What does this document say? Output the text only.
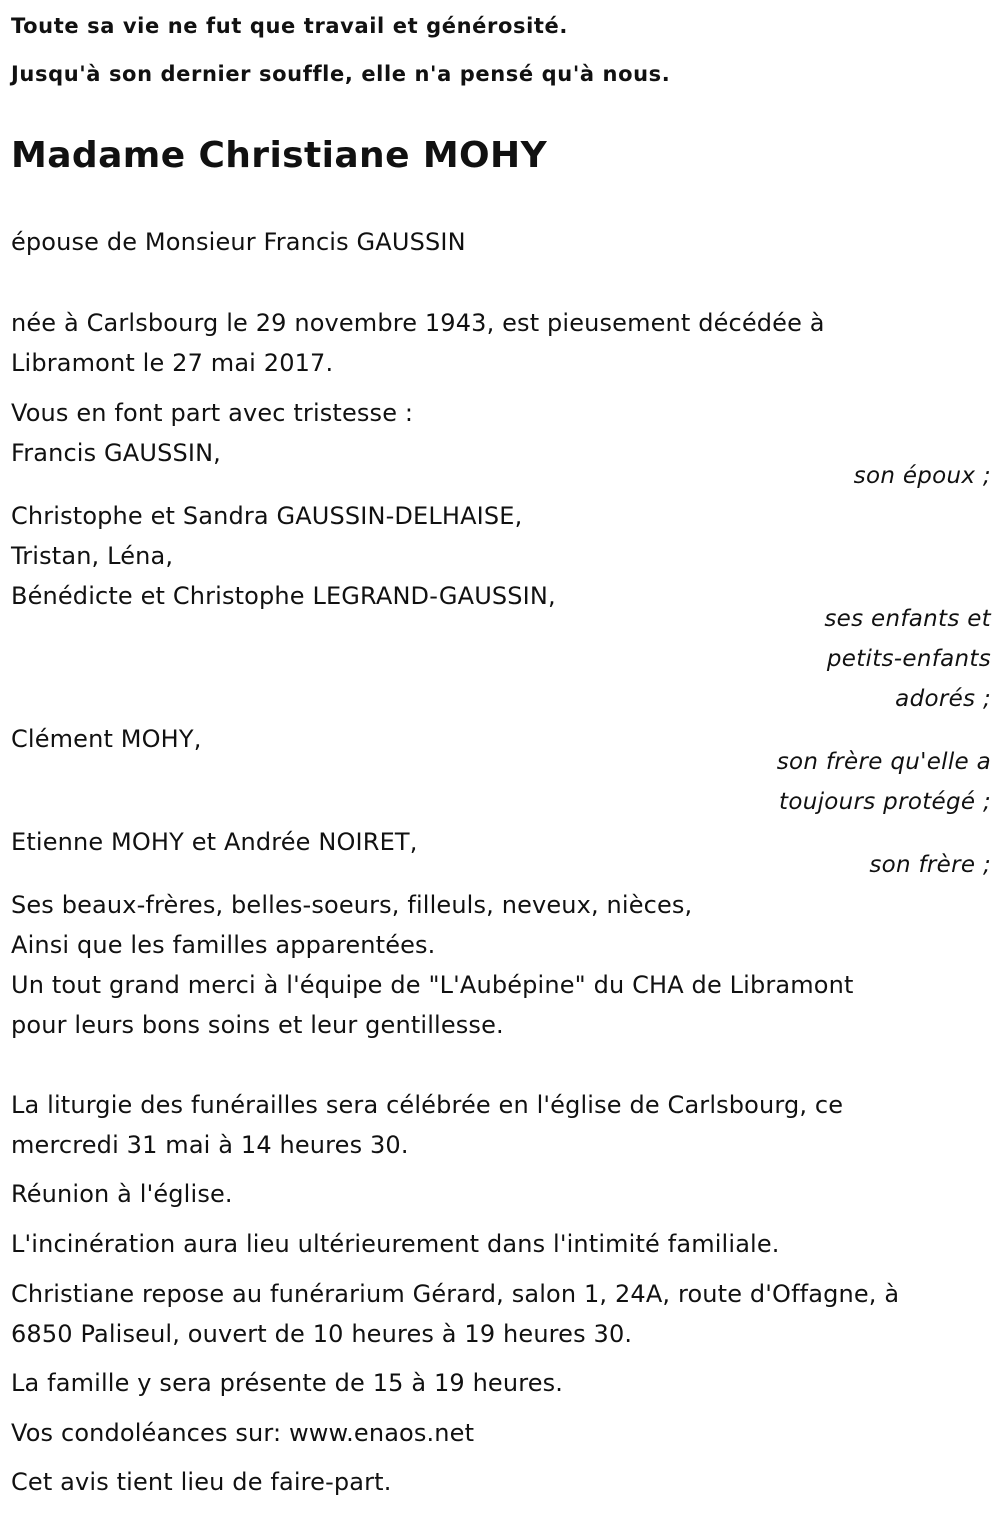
Toute sa vie ne fut que travail et générosité.
Jusqu'à son dernier souffle, elle n'a pensé qu'à nous.
Madame Christiane MOHY
épouse de Monsieur Francis GAUSSIN
née à Carlsbourg le 29 novembre 1943, est pieusement décédée à
Libramont le 27 mai 2017.
Vous en font part avec tristesse :
Francis GAUSSIN,
son époux ;
Christophe et Sandra GAUSSIN-DELHAISE,
Tristan, Léna,
Bénédicte et Christophe LEGRAND-GAUSSIN,
ses enfants et
petits-enfants
adorés ;
Clément MOHY,
son frère qu'elle a
toujours protégé ;
Etienne MOHY et Andrée NOIRET,
son frère ;
Ses beaux-frères, belles-soeurs, filleuls, neveux, nièces,
Ainsi que les familles apparentées.
Un tout grand merci à l'équipe de "L'Aubépine" du CHA de Libramont
pour leurs bons soins et leur gentillesse.
La liturgie des funérailles sera célébrée en l'église de Carlsbourg, ce
mercredi 31 mai à 14 heures 30.
Réunion à l'église.
L'incinération aura lieu ultérieurement dans l'intimité familiale.
Christiane repose au funérarium Gérard, salon 1, 24A, route d'Offagne, à
6850 Paliseul, ouvert de 10 heures à 19 heures 30.
La famille y sera présente de 15 à 19 heures.
Vos condoléances sur: www.enaos.net
Cet avis tient lieu de faire-part.
